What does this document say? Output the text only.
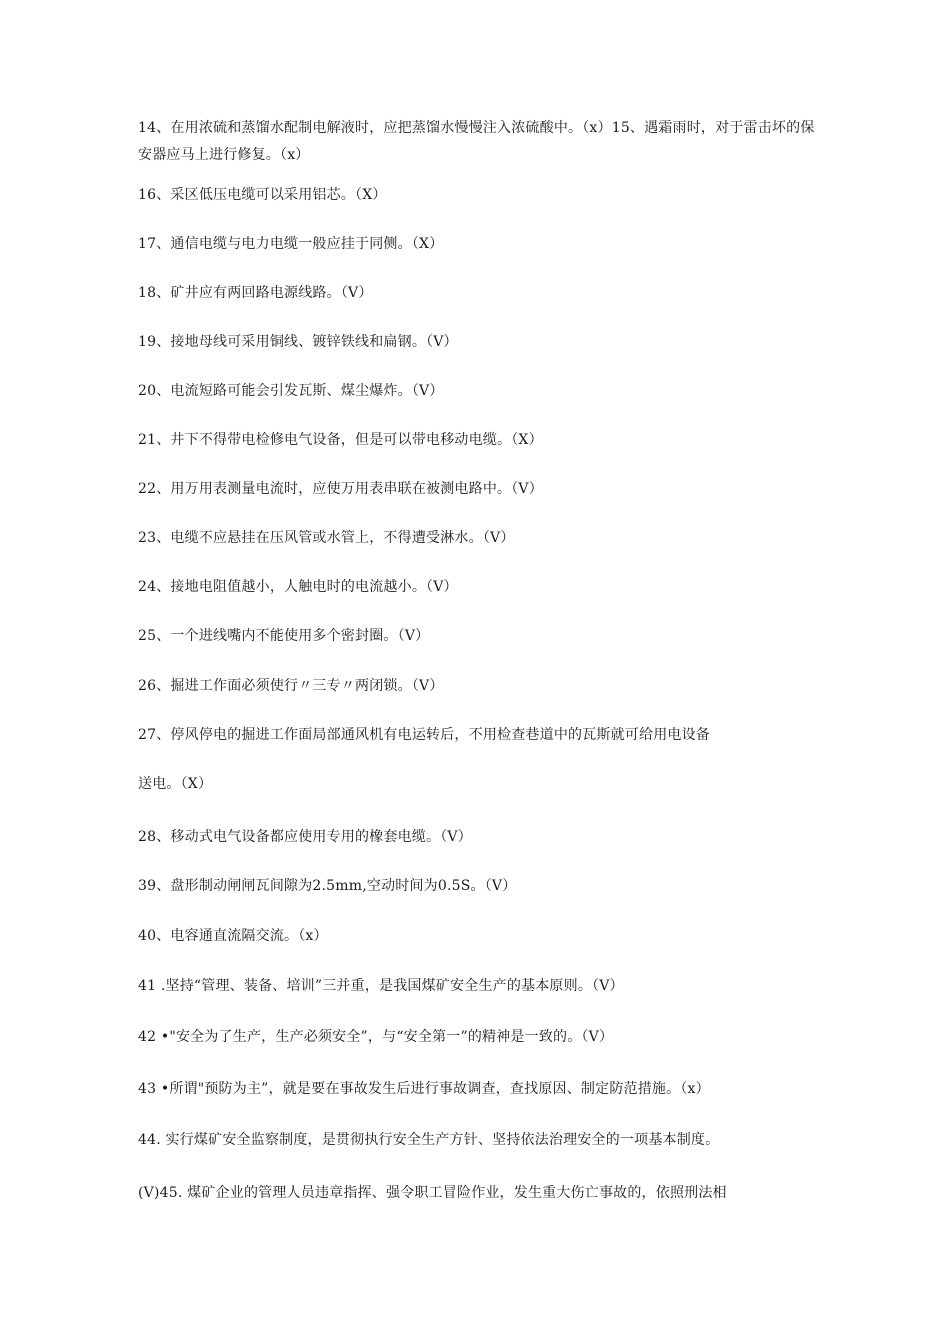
14、在用浓硫和蒸馏水配制电解液时，应把蒸馏水慢慢注入浓硫酸中。（x）15、遇霜雨时，对于雷击坏的保安器应马上进行修复。（x）
16、采区低压电缆可以采用铝芯。（X）
17、通信电缆与电力电缆一般应挂于同侧。（X）
18、矿井应有两回路电源线路。（V）
19、接地母线可采用铜线、镀锌铁线和扁钢。（V）
20、电流短路可能会引发瓦斯、煤尘爆炸。（V）
21、井下不得带电检修电气设备，但是可以带电移动电缆。（X）
22、用万用表测量电流时，应使万用表串联在被测电路中。（V）
23、电缆不应悬挂在压风管或水管上，不得遭受淋水。（V）
24、接地电阻值越小，人触电时的电流越小。（V）
25、一个进线嘴内不能使用多个密封圈。（V）
26、掘进工作面必须使行〃三专〃两闭锁。（V）
27、停风停电的掘进工作面局部通风机有电运转后，不用检查巷道中的瓦斯就可给用电设备
送电。（X）
28、移动式电气设备都应使用专用的橡套电缆。（V）
39、盘形制动闸闸瓦间隙为2.5mm,空动时间为0.5S。（V）
40、电容通直流隔交流。（x）
41 .坚持“管理、装备、培训”三并重，是我国煤矿安全生产的基本原则。（V）
42 •"安全为了生产，生产必须安全”，与“安全第一”的精神是一致的。（V）
43 •所谓"预防为主”，就是要在事故发生后进行事故调查，查找原因、制定防范措施。（x）
44. 实行煤矿安全监察制度，是贯彻执行安全生产方针、坚持依法治理安全的一项基本制度。
(V)45. 煤矿企业的管理人员违章指挥、强令职工冒险作业，发生重大伤亡事故的，依照刑法相
